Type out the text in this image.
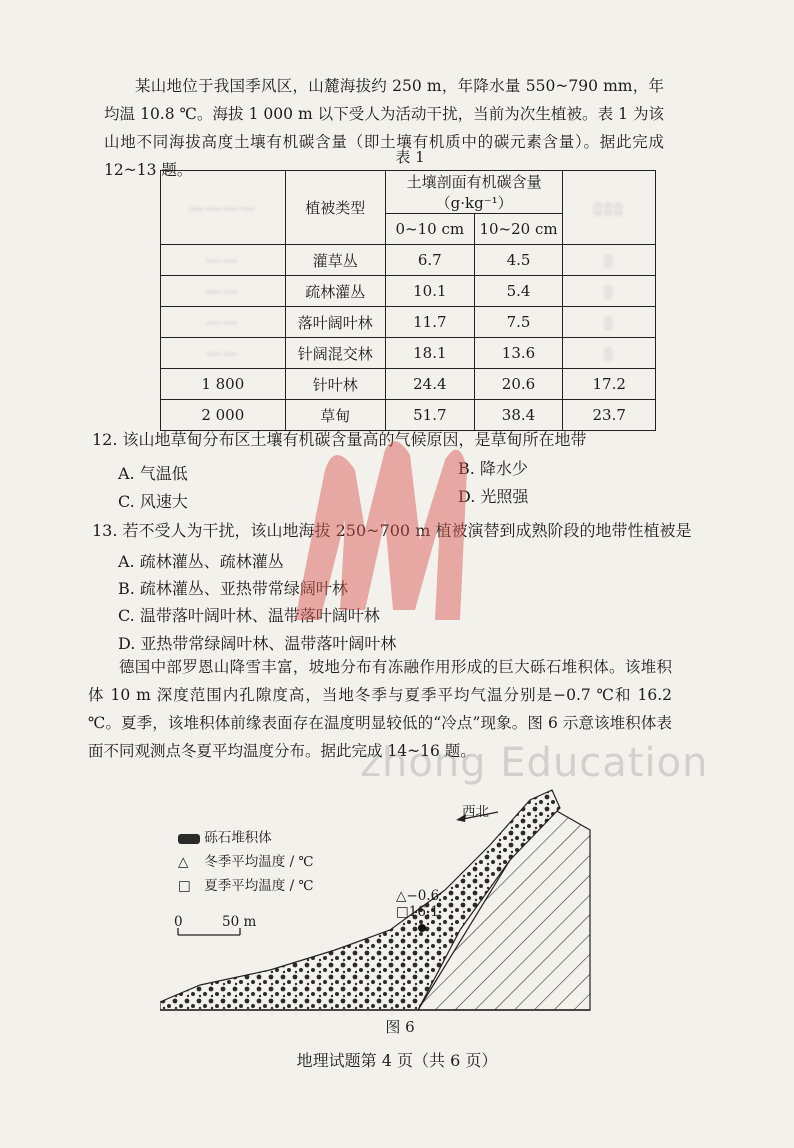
某山地位于我国季风区，山麓海拔约 250 m，年降水量 550~790 mm，年均温 10.8 ℃。海拔 1 000 m 以下受人为活动干扰，当前为次生植被。表 1 为该山地不同海拔高度土壤有机碳含量（即土壤有机质中的碳元素含量）。据此完成 12~13 题。

表 1
————	植被类型	土壤剖面有机碳含量（g·kg⁻¹）		▯▯▯
		0~10 cm	10~20 cm	
——	灌草丛	6.7	4.5	▯
——	疏林灌丛	10.1	5.4	▯
——	落叶阔叶林	11.7	7.5	▯
——	针阔混交林	18.1	13.6	▯
1 800	针叶林	24.4	20.6	17.2
2 000	草甸	51.7	38.4	23.7
12. 该山地草甸分布区土壤有机碳含量高的气候原因，是草甸所在地带
A. 气温低	B. 降水少
C. 风速大	D. 光照强
13. 若不受人为干扰，该山地海拔 250~700 m 植被演替到成熟阶段的地带性植被是
A. 疏林灌丛、疏林灌丛
B. 疏林灌丛、亚热带常绿阔叶林
C. 温带落叶阔叶林、温带落叶阔叶林
D. 亚热带常绿阔叶林、温带落叶阔叶林

德国中部罗恩山降雪丰富，坡地分布有冻融作用形成的巨大砾石堆积体。该堆积体 10 m 深度范围内孔隙度高，当地冬季与夏季平均气温分别是−0.7 ℃和 16.2 ℃。夏季，该堆积体前缘表面存在温度明显较低的“冷点”现象。图 6 示意该堆积体表面不同观测点冬夏平均温度分布。据此完成 14~16 题。

zhong Education
西北
砾石堆积体
△ 冬季平均温度 / ℃
□ 夏季平均温度 / ℃
0	50 m
△−0.6
□16.1
图 6
地理试题第 4 页（共 6 页）
